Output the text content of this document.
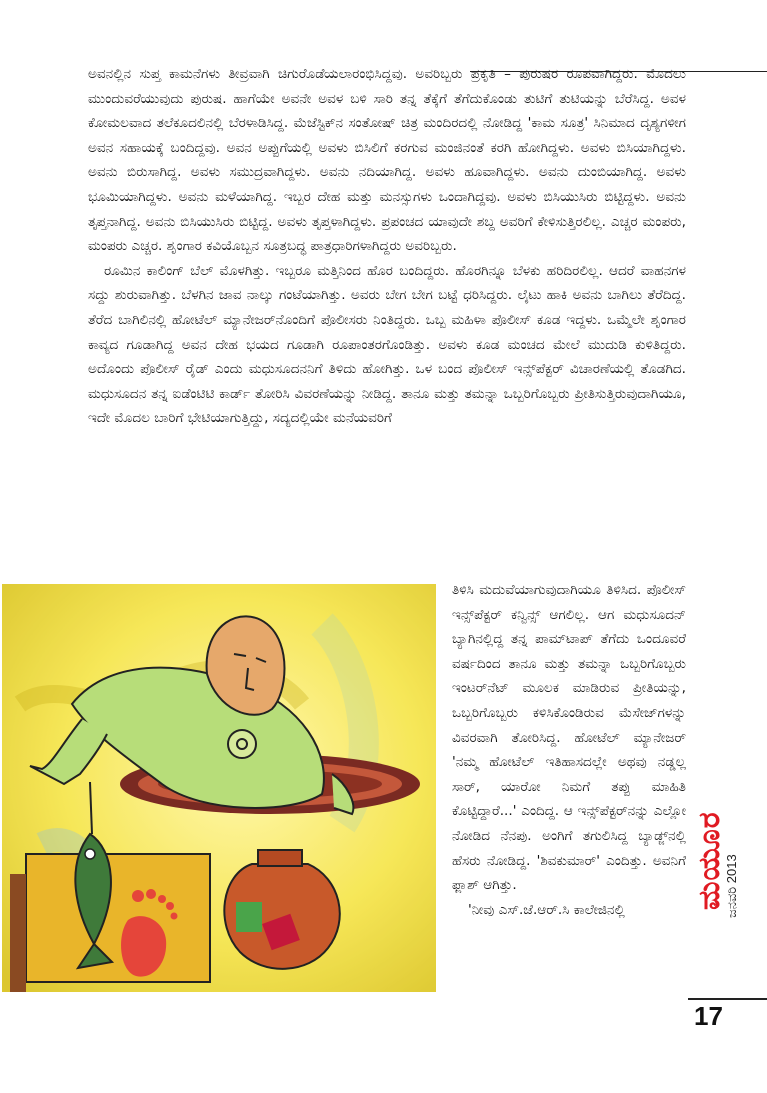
ಅವನಲ್ಲಿನ ಸುಪ್ತ ಕಾಮನೆಗಳು ತೀವ್ರವಾಗಿ ಚಿಗುರೊಡೆಯಲಾರಂಭಿಸಿದ್ದವು. ಅವರಿಬ್ಬರು ಪ್ರಕೃತಿ – ಪುರುಷರ ರೂಪವಾಗಿದ್ದರು. ಮೊದಲು ಮುಂದುವರೆಯುವುದು ಪುರುಷ. ಹಾಗೆಯೇ ಅವನೇ ಅವಳ ಬಳಿ ಸಾರಿ ತನ್ನ ತೆಕ್ಕೆಗೆ ತೆಗೆದುಕೊಂಡು ತುಟಿಗೆ ತುಟಿಯನ್ನು ಬೆರೆಸಿದ್ದ. ಅವಳ ಕೋಮಲವಾದ ತಲೆಕೂದಲಿನಲ್ಲಿ ಬೆರಳಾಡಿಸಿದ್ದ. ಮೆಜೆಸ್ಟಿಕ್‌ನ ಸಂತೋಷ್ ಚಿತ್ರ ಮಂದಿರದಲ್ಲಿ ನೋಡಿದ್ದ 'ಕಾಮ ಸೂತ್ರ' ಸಿನಿಮಾದ ದೃಶ್ಯಗಳೀಗ ಅವನ ಸಹಾಯಕ್ಕೆ ಬಂದಿದ್ದವು. ಅವನ ಅಪ್ಪುಗೆಯಲ್ಲಿ ಅವಳು ಬಿಸಿಲಿಗೆ ಕರಗುವ ಮಂಜಿನಂತೆ ಕರಗಿ ಹೋಗಿದ್ದಳು. ಅವಳು ಬಿಸಿಯಾಗಿದ್ದಳು. ಅವನು ಬಿರುಸಾಗಿದ್ದ. ಅವಳು ಸಮುದ್ರವಾಗಿದ್ದಳು. ಅವನು ನದಿಯಾಗಿದ್ದ. ಅವಳು ಹೂವಾಗಿದ್ದಳು. ಅವನು ದುಂಬಿಯಾಗಿದ್ದ. ಅವಳು ಭೂಮಿಯಾಗಿದ್ದಳು. ಅವನು ಮಳೆಯಾಗಿದ್ದ. ಇಬ್ಬರ ದೇಹ ಮತ್ತು ಮನಸ್ಸುಗಳು ಒಂದಾಗಿದ್ದವು. ಅವಳು ಬಿಸಿಯುಸಿರು ಬಿಟ್ಟಿದ್ದಳು. ಅವನು ತೃಪ್ತನಾಗಿದ್ದ. ಅವನು ಬಿಸಿಯುಸಿರು ಬಿಟ್ಟಿದ್ದ. ಅವಳು ತೃಪ್ತಳಾಗಿದ್ದಳು. ಪ್ರಪಂಚದ ಯಾವುದೇ ಶಬ್ದ ಅವರಿಗೆ ಕೇಳಿಸುತ್ತಿರಲಿಲ್ಲ. ಎಚ್ಚರ ಮಂಪರು, ಮಂಪರು ಎಚ್ಚರ. ಶೃಂಗಾರ ಕವಿಯೊಬ್ಬನ ಸೂತ್ರಬದ್ಧ ಪಾತ್ರಧಾರಿಗಳಾಗಿದ್ದರು ಅವರಿಬ್ಬರು.

ರೂಮಿನ ಕಾಲಿಂಗ್ ಬೆಲ್ ಮೊಳಗಿತ್ತು. ಇಬ್ಬರೂ ಮತ್ತಿನಿಂದ ಹೊರ ಬಂದಿದ್ದರು. ಹೊರಗಿನ್ನೂ ಬೆಳಕು ಹರಿದಿರಲಿಲ್ಲ. ಆದರೆ ವಾಹನಗಳ ಸದ್ದು ಶುರುವಾಗಿತ್ತು. ಬೆಳಗಿನ ಜಾವ ನಾಲ್ಕು ಗಂಟೆಯಾಗಿತ್ತು. ಅವರು ಬೇಗ ಬೇಗ ಬಟ್ಟೆ ಧರಿಸಿದ್ದರು. ಲೈಟು ಹಾಕಿ ಅವನು ಬಾಗಿಲು ತೆರೆದಿದ್ದ. ತೆರೆದ ಬಾಗಿಲಿನಲ್ಲಿ ಹೋಟೆಲ್ ಮ್ಯಾನೇಜರ್‌ನೊಂದಿಗೆ ಪೊಲೀಸರು ನಿಂತಿದ್ದರು. ಒಬ್ಬ ಮಹಿಳಾ ಪೊಲೀಸ್ ಕೂಡ ಇದ್ದಳು. ಒಮ್ಮೆಲೇ ಶೃಂಗಾರ ಕಾವ್ಯದ ಗೂಡಾಗಿದ್ದ ಅವನ ದೇಹ ಭಯದ ಗೂಡಾಗಿ ರೂಪಾಂತರಗೊಂಡಿತ್ತು. ಅವಳು ಕೂಡ ಮಂಚದ ಮೇಲೆ ಮುದುಡಿ ಕುಳಿತಿದ್ದರು. ಅದೊಂದು ಪೊಲೀಸ್ ರೈಡ್ ಎಂದು ಮಧುಸೂದನನಿಗೆ ತಿಳಿದು ಹೋಗಿತ್ತು. ಒಳ ಬಂದ ಪೊಲೀಸ್ ಇನ್ಸ್‌ಪೆಕ್ಟರ್ ವಿಚಾರಣೆಯಲ್ಲಿ ತೊಡಗಿದ. ಮಧುಸೂದನ ತನ್ನ ಐಡೆಂಟಿಟಿ ಕಾರ್ಡ್ ತೋರಿಸಿ ವಿವರಣೆಯನ್ನು ನೀಡಿದ್ದ. ತಾನೂ ಮತ್ತು ತಮನ್ನಾ ಒಬ್ಬರಿಗೊಬ್ಬರು ಪ್ರೀತಿಸುತ್ತಿರುವುದಾಗಿಯೂ, ಇದೇ ಮೊದಲ ಬಾರಿಗೆ ಭೇಟಿಯಾಗುತ್ತಿದ್ದು, ಸದ್ಯದಲ್ಲಿಯೇ ಮನೆಯವರಿಗೆ

ತಿಳಿಸಿ ಮದುವೆಯಾಗುವುದಾಗಿಯೂ ತಿಳಿಸಿದ. ಪೊಲೀಸ್ ಇನ್ಸ್‌ಪೆಕ್ಟರ್ ಕನ್ವಿನ್ಸ್ ಆಗಲಿಲ್ಲ. ಆಗ ಮಧುಸೂದನ್ ಬ್ಯಾಗಿನಲ್ಲಿದ್ದ ತನ್ನ ಪಾಮ್‌ಟಾಪ್ ತೆಗೆದು ಒಂದೂವರೆ ವರ್ಷದಿಂದ ತಾನೂ ಮತ್ತು ತಮನ್ನಾ ಒಬ್ಬರಿಗೊಬ್ಬರು ಇಂಟರ್‌ನೆಟ್ ಮೂಲಕ ಮಾಡಿರುವ ಪ್ರೀತಿಯನ್ನು, ಒಬ್ಬರಿಗೊಬ್ಬರು ಕಳಿಸಿಕೊಂಡಿರುವ ಮೆಸೇಜ್‌ಗಳನ್ನು ವಿವರವಾಗಿ ತೋರಿಸಿದ್ದ. ಹೋಟೆಲ್ ಮ್ಯಾನೇಜರ್ 'ನಮ್ಮ ಹೋಟೆಲ್ ಇತಿಹಾಸದಲ್ಲೇ ಅಥವು ನಡ್ಡಲ್ಲ ಸಾರ್, ಯಾರೋ ನಿಮಗೆ ತಪ್ಪು ಮಾಹಿತಿ ಕೊಟ್ಟಿದ್ದಾರೆ...' ಎಂದಿದ್ದ. ಆ ಇನ್ಸ್‌ಪೆಕ್ಟರ್‌ನನ್ನು ಎಲ್ಲೋ ನೋಡಿದ ನೆನಪು. ಅಂಗಿಗೆ ತಗುಲಿಸಿದ್ದ ಬ್ಯಾಡ್ಜ್‌ನಲ್ಲಿ ಹೆಸರು ನೋಡಿದ್ದ. 'ಶಿವಕುಮಾರ್' ಎಂದಿತ್ತು. ಅವನಿಗೆ ಫ್ಲಾಶ್ ಆಗಿತ್ತು.

'ನೀವು ಎಸ್.ಜೆ.ಆರ್.ಸಿ ಕಾಲೇಜಿನಲ್ಲಿ	ಮಯೂರ
ಜನವರಿ 2013
17
